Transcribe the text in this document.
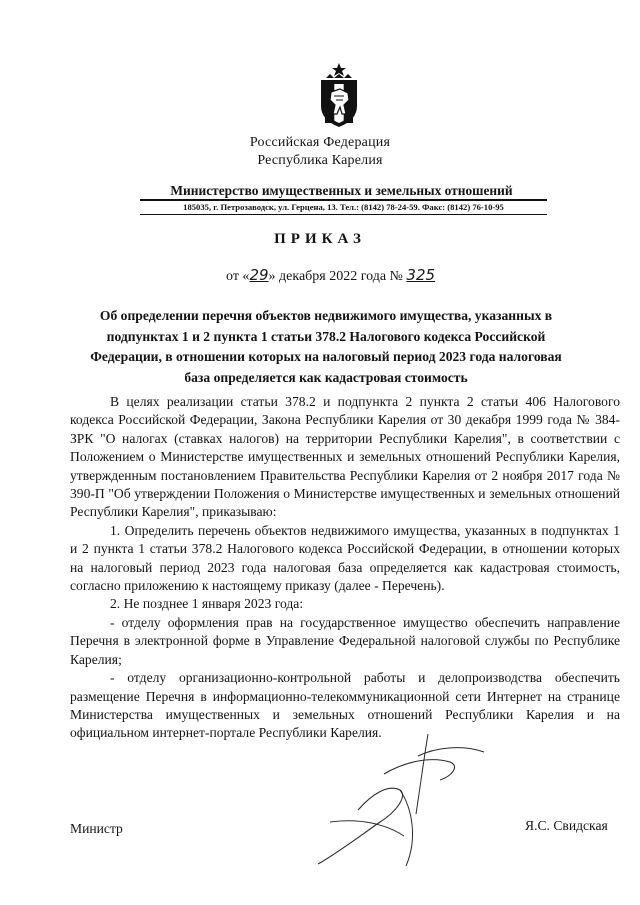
Российская Федерация
Республика Карелия
Министерство имущественных и земельных отношений
185035, г. Петрозаводск, ул. Герцена, 13. Тел.: (8142) 78-24-59. Факс: (8142) 76-10-95
ПРИКАЗ
от «29» декабря 2022 года № 325
Об определении перечня объектов недвижимого имущества, указанных в подпунктах 1 и 2 пункта 1 статьи 378.2 Налогового кодекса Российской Федерации, в отношении которых на налоговый период 2023 года налоговая база определяется как кадастровая стоимость

В целях реализации статьи 378.2 и подпункта 2 пункта 2 статьи 406 Налогового кодекса Российской Федерации, Закона Республики Карелия от 30 декабря 1999 года № 384-ЗРК "О налогах (ставках налогов) на территории Республики Карелия", в соответствии с Положением о Министерстве имущественных и земельных отношений Республики Карелия, утвержденным постановлением Правительства Республики Карелия от 2 ноября 2017 года № 390-П "Об утверждении Положения о Министерстве имущественных и земельных отношений Республики Карелия", приказываю:

1. Определить перечень объектов недвижимого имущества, указанных в подпунктах 1 и 2 пункта 1 статьи 378.2 Налогового кодекса Российской Федерации, в отношении которых на налоговый период 2023 года налоговая база определяется как кадастровая стоимость, согласно приложению к настоящему приказу (далее - Перечень).

2. Не позднее 1 января 2023 года:

- отделу оформления прав на государственное имущество обеспечить направление Перечня в электронной форме в Управление Федеральной налоговой службы по Республике Карелия;

- отделу организационно-контрольной работы и делопроизводства обеспечить размещение Перечня в информационно-телекоммуникационной сети Интернет на странице Министерства имущественных и земельных отношений Республики Карелия и на официальном интернет-портале Республики Карелия.

Министр	Я.С. Свидская
